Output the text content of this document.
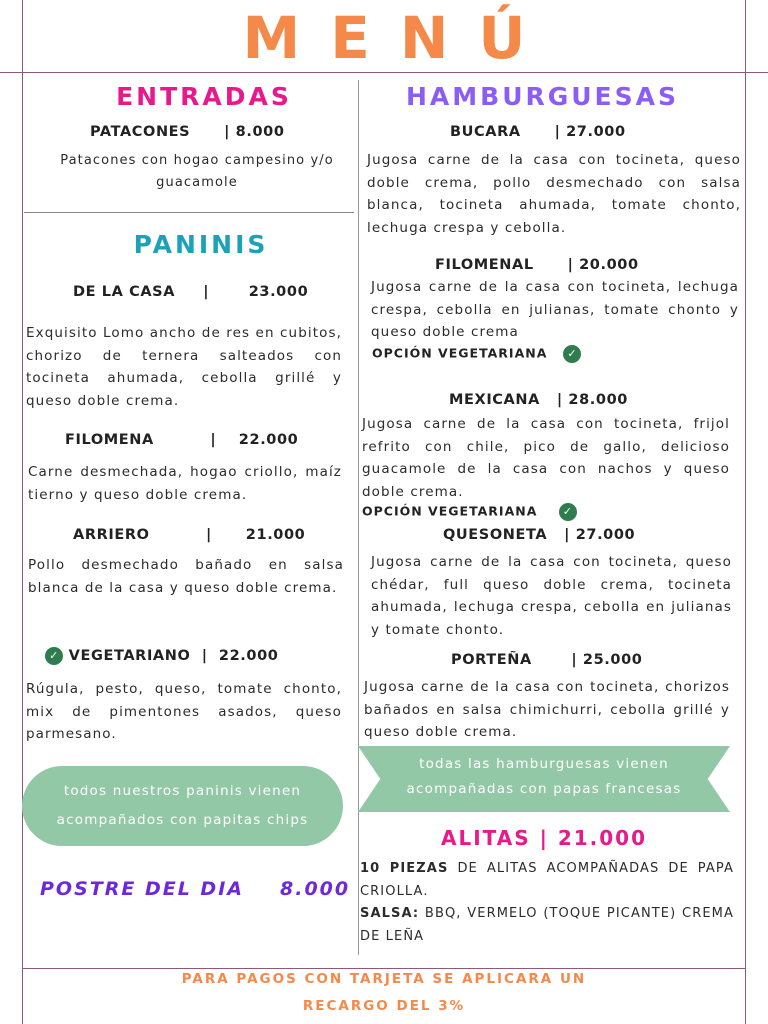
MENÚ
ENTRADAS
PATACONES      | 8.000
Patacones con hogao campesino y/o guacamole
PANINIS
DE LA CASA     |       23.000
Exquisito Lomo ancho de res en cubitos, chorizo de ternera salteados con tocineta ahumada, cebolla grillé y queso doble crema.
FILOMENA          |    22.000
Carne desmechada, hogao criollo, maíz tierno y queso doble crema.
ARRIERO          |      21.000
Pollo desmechado bañado en salsa blanca de la casa y queso doble crema.
✓ VEGETARIANO  |  22.000
Rúgula, pesto, queso, tomate chonto, mix de pimentones asados, queso parmesano.
todos nuestros paninis vienen
acompañados con papitas chips
POSTRE DEL DIA 8.000
HAMBURGUESAS
BUCARA      | 27.000
Jugosa carne de la casa con tocineta, queso doble crema, pollo desmechado con salsa blanca, tocineta ahumada, tomate chonto, lechuga crespa y cebolla.
FILOMENAL      | 20.000
Jugosa carne de la casa con tocineta, lechuga crespa, cebolla en julianas, tomate chonto y queso doble crema
OPCIÓN VEGETARIANA ✓
MEXICANA   | 28.000
Jugosa carne de la casa con tocineta, frijol refrito con chile, pico de gallo, delicioso guacamole de la casa con nachos y queso doble crema.
OPCIÓN VEGETARIANA ✓
QUESONETA   | 27.000
Jugosa carne de la casa con tocineta, queso chédar, full queso doble crema, tocineta ahumada, lechuga crespa, cebolla en julianas y tomate chonto.
PORTEÑA       | 25.000
Jugosa carne de la casa con tocineta, chorizos bañados en salsa chimichurri, cebolla grillé y queso doble crema.
todas las hamburguesas vienen
acompañadas con papas francesas
ALITAS | 21.000
10 PIEZAS DE ALITAS ACOMPAÑADAS DE PAPA CRIOLLA.
SALSA: BBQ, VERMELO (TOQUE PICANTE) CREMA DE LEÑA
PARA PAGOS CON TARJETA SE APLICARA UN
RECARGO DEL 3%
